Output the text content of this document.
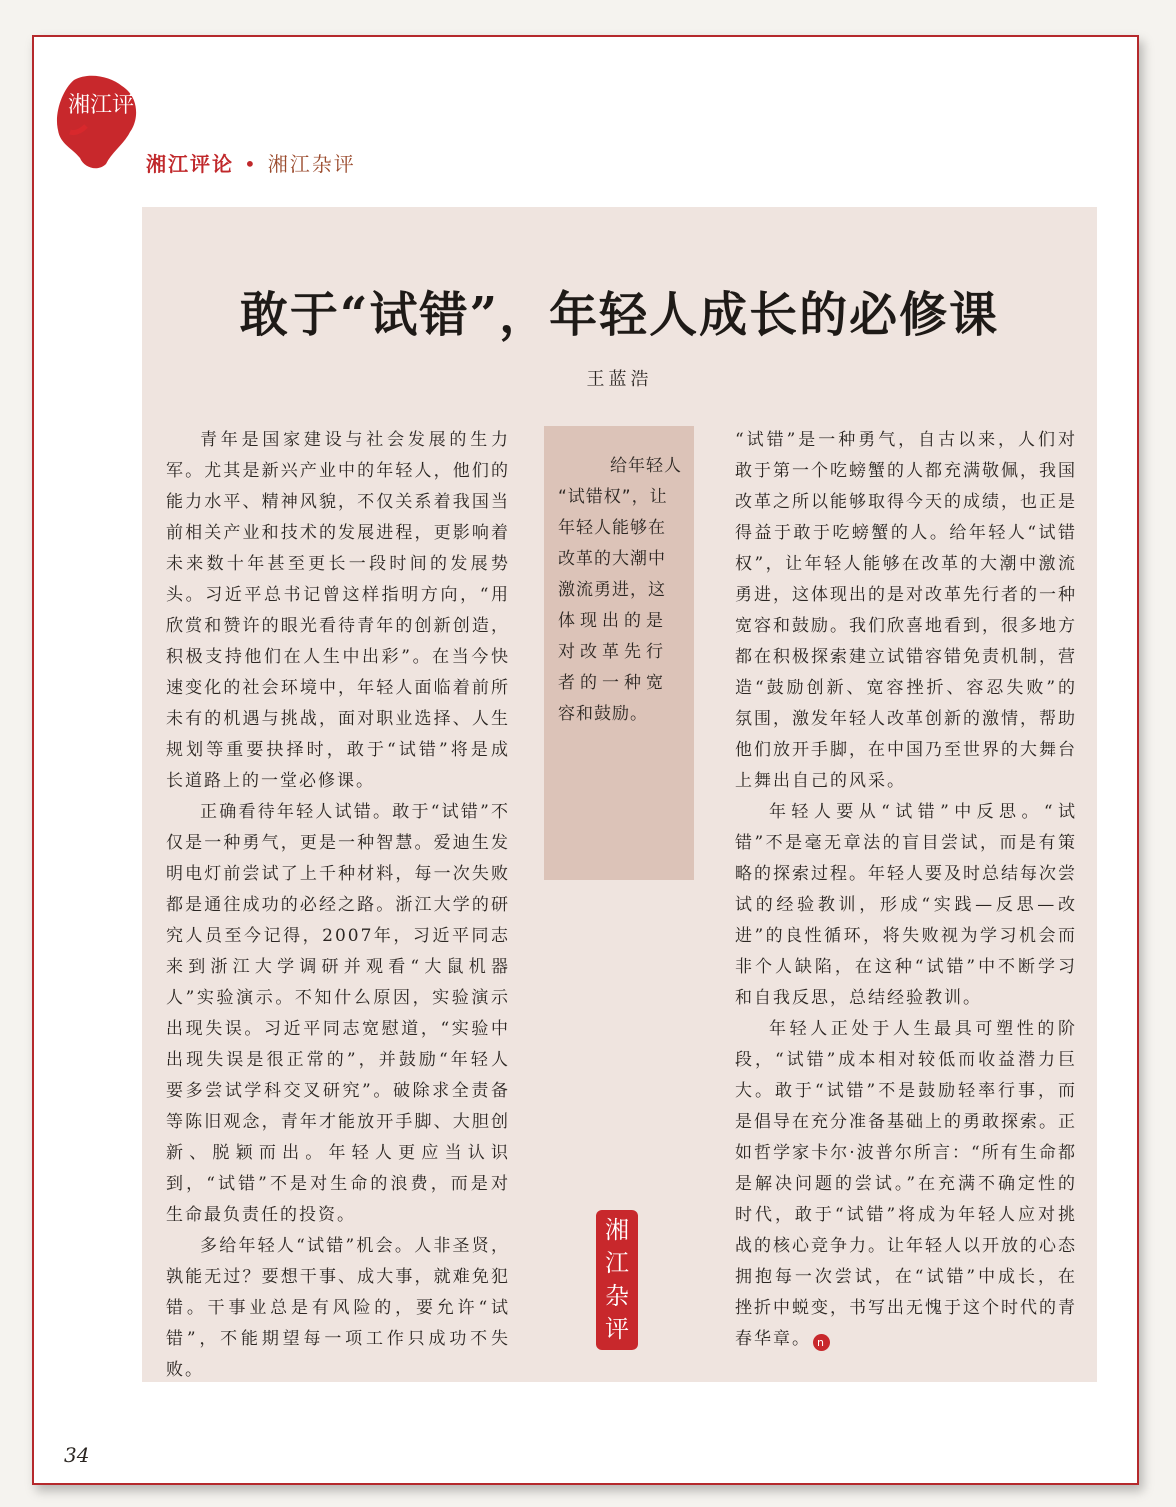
湘江评论
湘江评论 • 湘江杂评
敢于“试错”，年轻人成长的必修课
王蓝浩

青年是国家建设与社会发展的生力军。尤其是新兴产业中的年轻人，他们的能力水平、精神风貌，不仅关系着我国当前相关产业和技术的发展进程，更影响着未来数十年甚至更长一段时间的发展势头。习近平总书记曾这样指明方向，“用欣赏和赞许的眼光看待青年的创新创造，积极支持他们在人生中出彩”。在当今快速变化的社会环境中，年轻人面临着前所未有的机遇与挑战，面对职业选择、人生规划等重要抉择时，敢于“试错”将是成长道路上的一堂必修课。

正确看待年轻人试错。敢于“试错”不仅是一种勇气，更是一种智慧。爱迪生发明电灯前尝试了上千种材料，每一次失败都是通往成功的必经之路。浙江大学的研究人员至今记得，2007年，习近平同志来到浙江大学调研并观看“大鼠机器人”实验演示。不知什么原因，实验演示出现失误。习近平同志宽慰道，“实验中出现失误是很正常的”，并鼓励“年轻人要多尝试学科交叉研究”。破除求全责备等陈旧观念，青年才能放开手脚、大胆创新、脱颖而出。年轻人更应当认识到，“试错”不是对生命的浪费，而是对生命最负责任的投资。

多给年轻人“试错”机会。人非圣贤，孰能无过？要想干事、成大事，就难免犯错。干事业总是有风险的，要允许“试错”，不能期望每一项工作只成功不失败。

给年轻人
“试错权”，让
年轻人能够在
改革的大潮中
激流勇进，这
体现出的是
对改革先行
者的一种宽
容和鼓励。
湘
江
杂
评

“试错”是一种勇气，自古以来，人们对敢于第一个吃螃蟹的人都充满敬佩，我国改革之所以能够取得今天的成绩，也正是得益于敢于吃螃蟹的人。给年轻人“试错权”，让年轻人能够在改革的大潮中激流勇进，这体现出的是对改革先行者的一种宽容和鼓励。我们欣喜地看到，很多地方都在积极探索建立试错容错免责机制，营造“鼓励创新、宽容挫折、容忍失败”的氛围，激发年轻人改革创新的激情，帮助他们放开手脚，在中国乃至世界的大舞台上舞出自己的风采。

年轻人要从“试错”中反思。“试错”不是毫无章法的盲目尝试，而是有策略的探索过程。年轻人要及时总结每次尝试的经验教训，形成“实践—反思—改进”的良性循环，将失败视为学习机会而非个人缺陷，在这种“试错”中不断学习和自我反思，总结经验教训。

年轻人正处于人生最具可塑性的阶段，“试错”成本相对较低而收益潜力巨大。敢于“试错”不是鼓励轻率行事，而是倡导在充分准备基础上的勇敢探索。正如哲学家卡尔·波普尔所言：“所有生命都是解决问题的尝试。”在充满不确定性的时代，敢于“试错”将成为年轻人应对挑战的核心竞争力。让年轻人以开放的心态拥抱每一次尝试，在“试错”中成长，在挫折中蜕变，书写出无愧于这个时代的青春华章。 n

34
